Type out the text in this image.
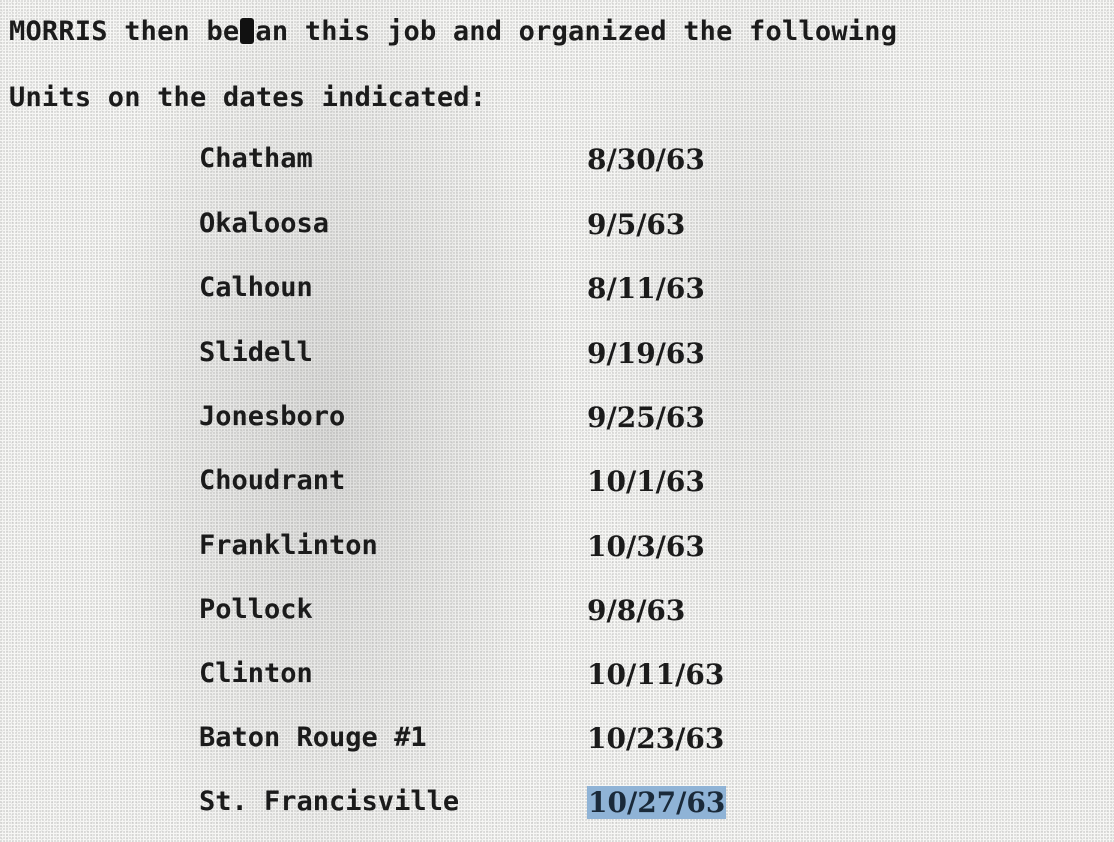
MORRIS then be an this job and organized the following
Units on the dates indicated:
Chatham	8/30/63
Okaloosa	9/5/63
Calhoun	8/11/63
Slidell	9/19/63
Jonesboro	9/25/63
Choudrant	10/1/63
Franklinton	10/3/63
Pollock	9/8/63
Clinton	10/11/63
Baton Rouge #1	10/23/63
St. Francisville	10/27/63
